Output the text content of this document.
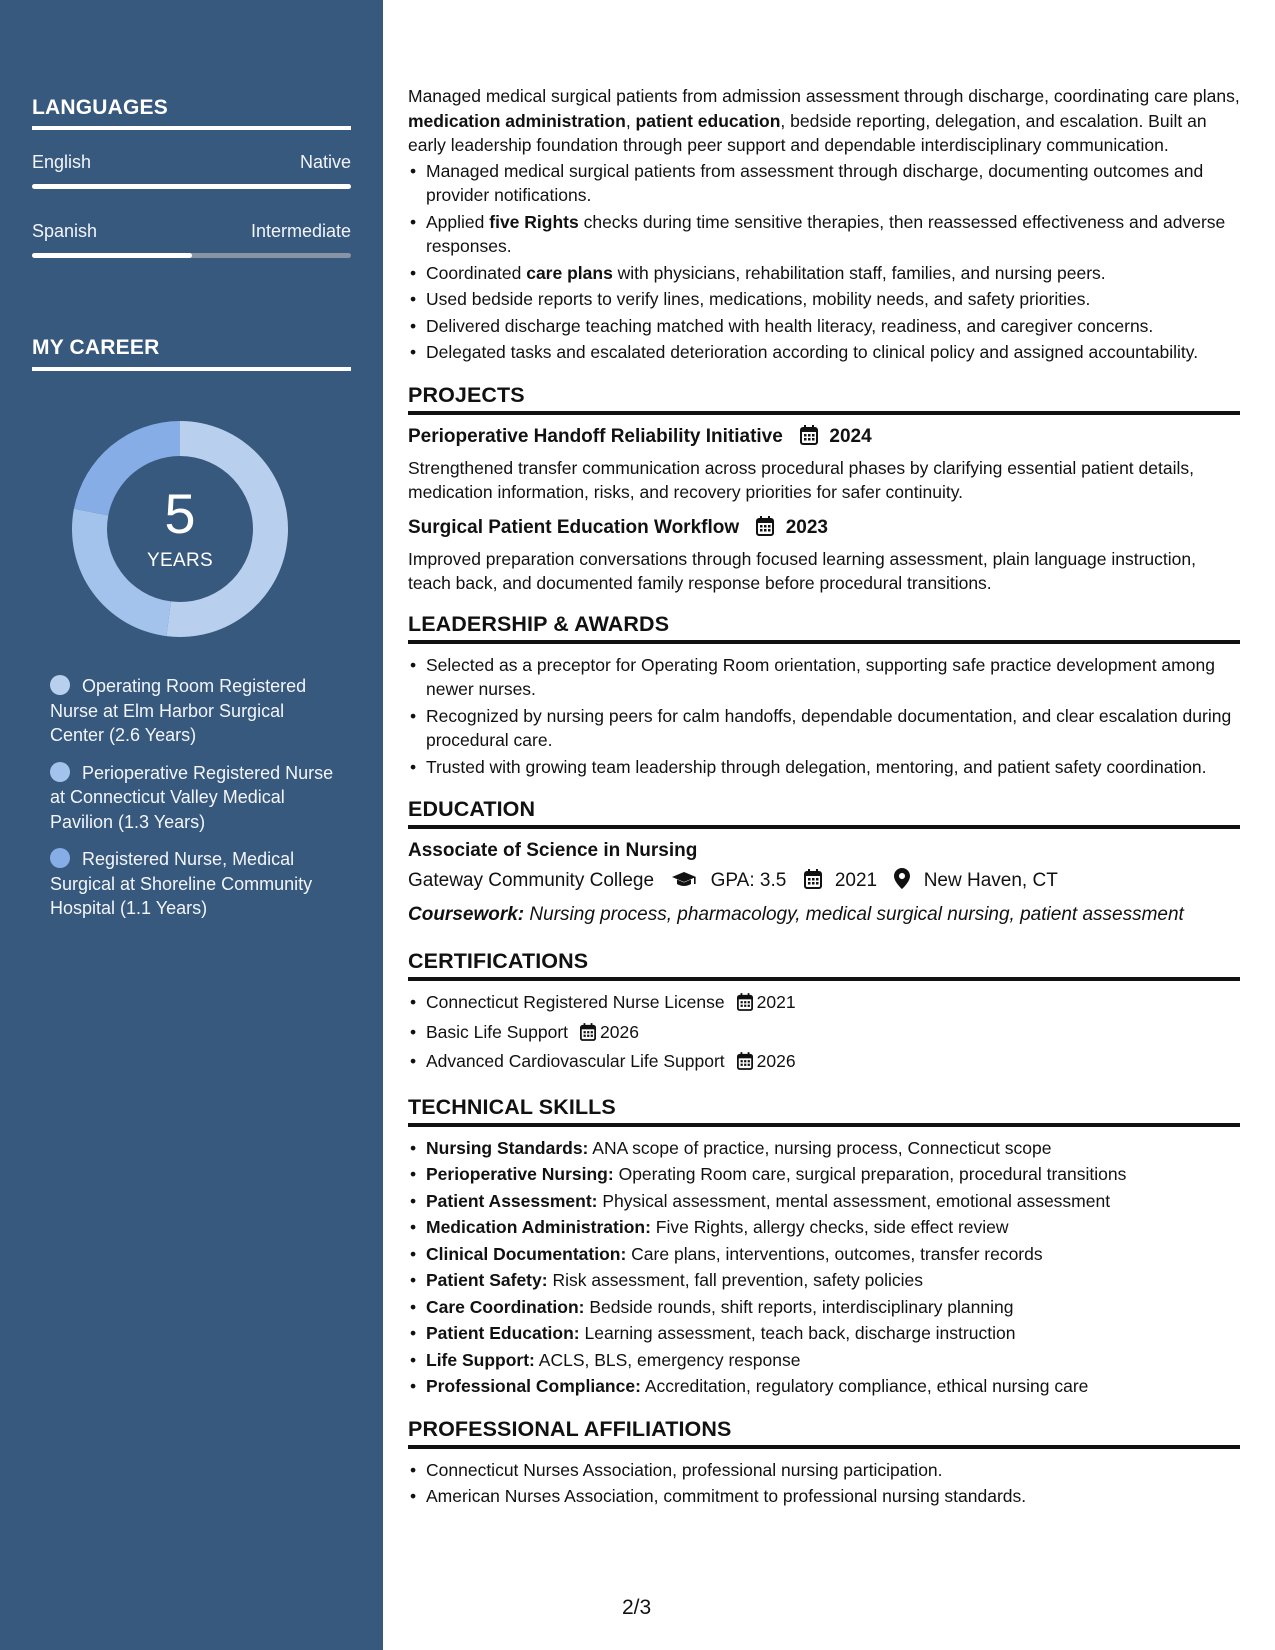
LANGUAGES
English	Native
Spanish	Intermediate
MY CAREER
5
YEARS
Operating Room Registered Nurse at Elm Harbor Surgical Center (2.6 Years)
Perioperative Registered Nurse at Connecticut Valley Medical Pavilion (1.3 Years)
Registered Nurse, Medical Surgical at Shoreline Community Hospital (1.1 Years)

Managed medical surgical patients from admission assessment through discharge, coordinating care plans, medication administration, patient education, bedside reporting, delegation, and escalation. Built an early leadership foundation through peer support and dependable interdisciplinary communication.

• Managed medical surgical patients from assessment through discharge, documenting outcomes and provider notifications.
• Applied five Rights checks during time sensitive therapies, then reassessed effectiveness and adverse responses.
• Coordinated care plans with physicians, rehabilitation staff, families, and nursing peers.
• Used bedside reports to verify lines, medications, mobility needs, and safety priorities.
• Delivered discharge teaching matched with health literacy, readiness, and caregiver concerns.
• Delegated tasks and escalated deterioration according to clinical policy and assigned accountability.
PROJECTS
Perioperative Handoff Reliability Initiative 2024

Strengthened transfer communication across procedural phases by clarifying essential patient details, medication information, risks, and recovery priorities for safer continuity.

Surgical Patient Education Workflow 2023

Improved preparation conversations through focused learning assessment, plain language instruction, teach back, and documented family response before procedural transitions.

LEADERSHIP & AWARDS
• Selected as a preceptor for Operating Room orientation, supporting safe practice development among newer nurses.
• Recognized by nursing peers for calm handoffs, dependable documentation, and clear escalation during procedural care.
• Trusted with growing team leadership through delegation, mentoring, and patient safety coordination.
EDUCATION
Associate of Science in Nursing
Gateway Community College	GPA: 3.5	2021 New Haven, CT
Coursework: Nursing process, pharmacology, medical surgical nursing, patient assessment
CERTIFICATIONS
• Connecticut Registered Nurse License 2021
• Basic Life Support 2026
• Advanced Cardiovascular Life Support 2026
TECHNICAL SKILLS
• Nursing Standards: ANA scope of practice, nursing process, Connecticut scope
• Perioperative Nursing: Operating Room care, surgical preparation, procedural transitions
• Patient Assessment: Physical assessment, mental assessment, emotional assessment
• Medication Administration: Five Rights, allergy checks, side effect review
• Clinical Documentation: Care plans, interventions, outcomes, transfer records
• Patient Safety: Risk assessment, fall prevention, safety policies
• Care Coordination: Bedside rounds, shift reports, interdisciplinary planning
• Patient Education: Learning assessment, teach back, discharge instruction
• Life Support: ACLS, BLS, emergency response
• Professional Compliance: Accreditation, regulatory compliance, ethical nursing care
PROFESSIONAL AFFILIATIONS
• Connecticut Nurses Association, professional nursing participation.
• American Nurses Association, commitment to professional nursing standards.
2/3
